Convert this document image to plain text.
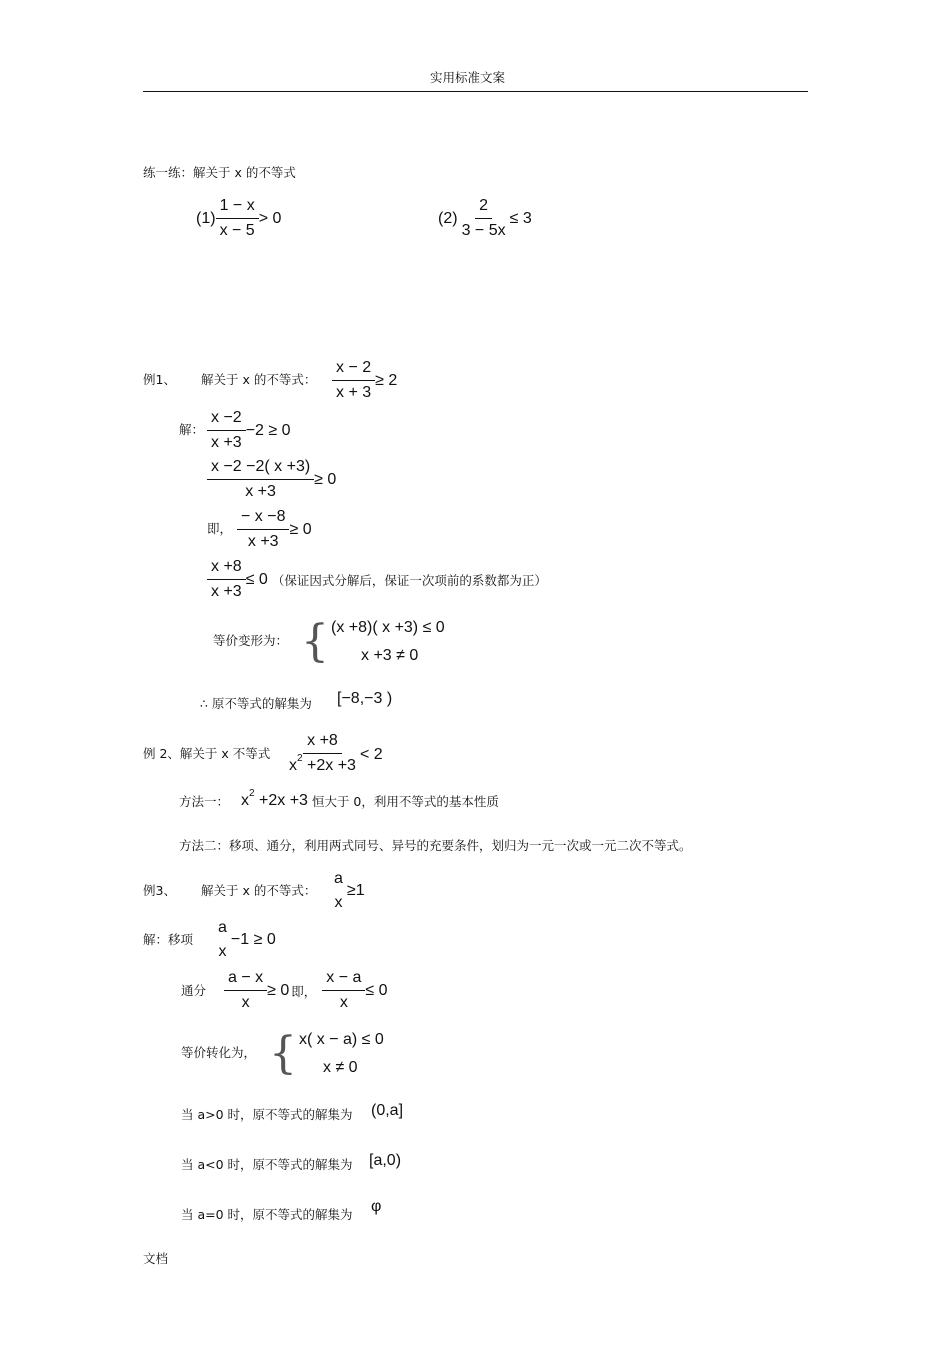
实用标准文案
练一练：解关于 x 的不等式
$(1) \frac{1 - x}{x - 5} > 0$	$(2) \frac{2}{3 - 5x} \le 3$
例1、 解关于 x 的不等式： $\frac{x - 2}{x + 3} \ge 2$
解： $\frac{x -2}{x +3} -2 \ge 0$
$\frac{x -2 -2( x +3)}{x +3} \ge 0$
即， $\frac{- x -8}{x +3} \ge 0$
$\frac{x +8}{x +3} \le 0$ （保证因式分解后，保证一次项前的系数都为正）
等价变形为： { (x +8)( x +3) ≤ 0
x +3 ≠ 0
∴ 原不等式的解集为 [−8,−3 )
例 2、解关于 x 不等式 $\frac{x +8}{x^2 +2x +3} < 2$
方法一： $x^2 +2x +3$ 恒大于 0，利用不等式的基本性质
方法二：移项、通分，利用两式同号、异号的充要条件，划归为一元一次或一元二次不等式。
例3、 解关于 x 的不等式：
a
x
≥1
解：移项
a
x
−1 ≥ 0
通分 $\frac{a - x}{x} \ge 0$ 即， $\frac{x - a}{x} \le 0$
等价转化为， { x( x − a) ≤ 0
x ≠ 0
当 a>0 时，原不等式的解集为 (0,a]
当 a<0 时，原不等式的解集为 [a,0)
当 a=0 时，原不等式的解集为 φ
文档
